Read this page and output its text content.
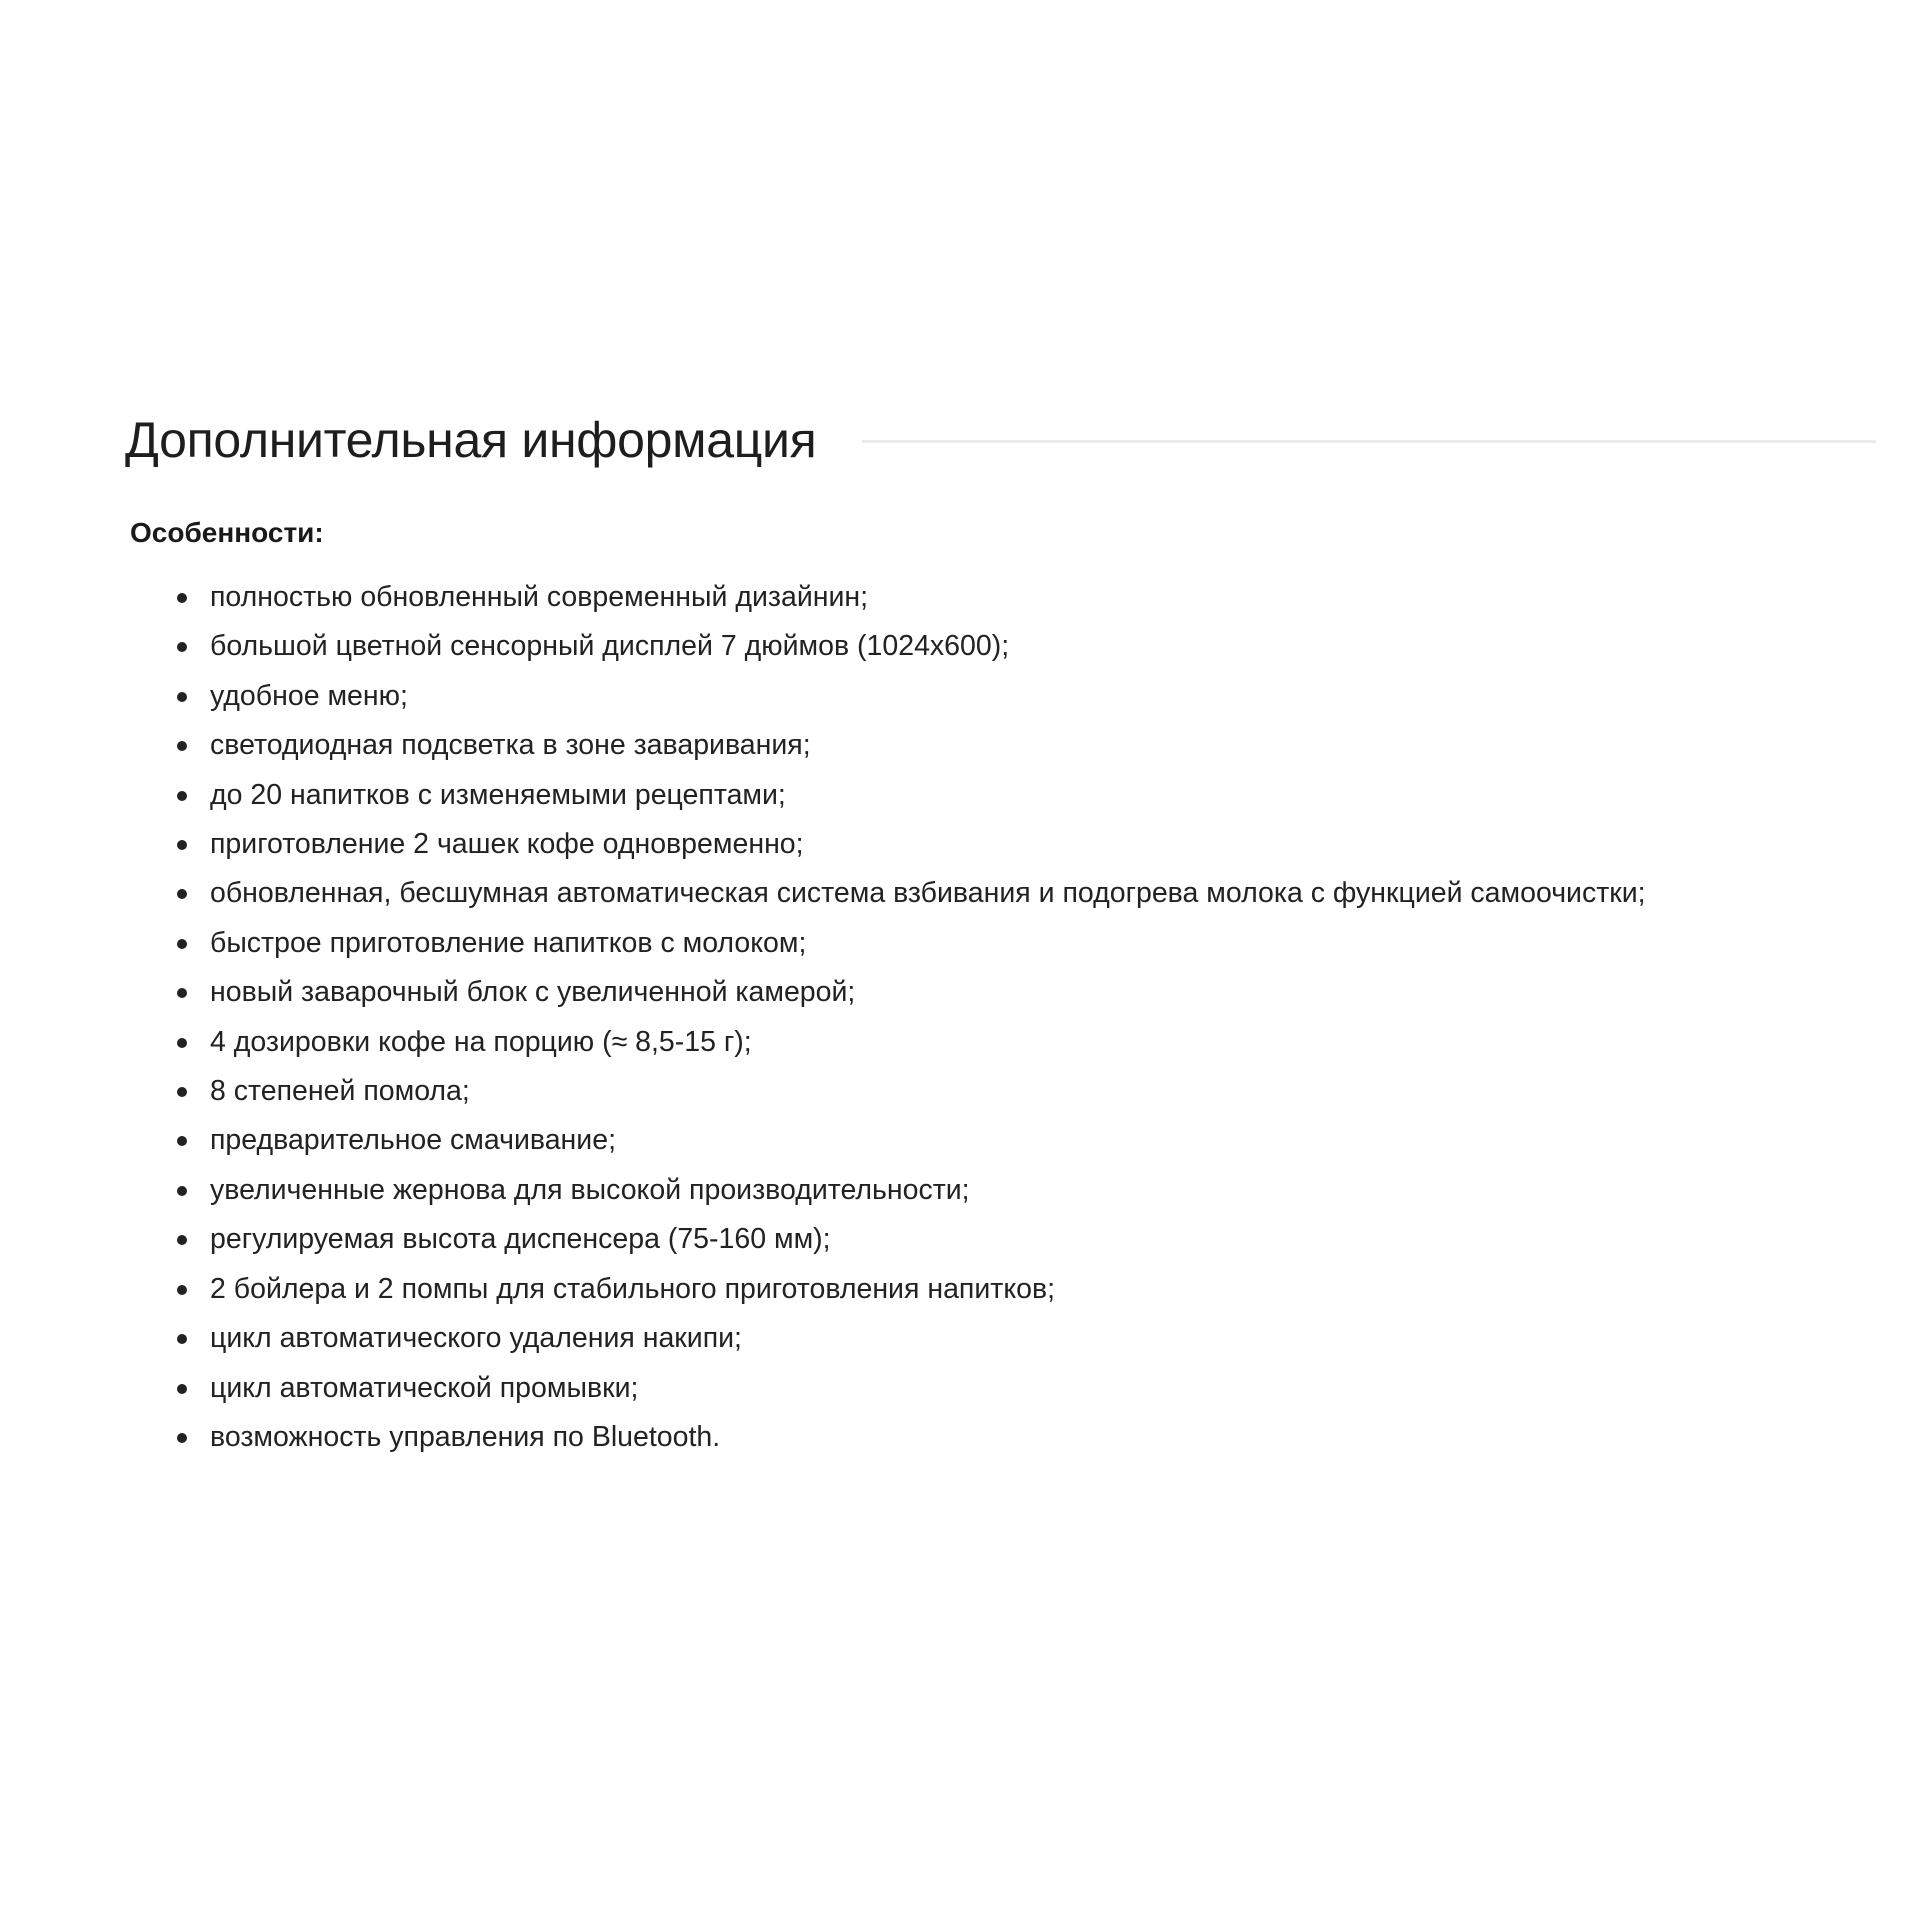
Дополнительная информация

Особенности:

полностью обновленный современный дизайнин;
большой цветной сенсорный дисплей 7 дюймов (1024x600);
удобное меню;
светодиодная подсветка в зоне заваривания;
до 20 напитков с изменяемыми рецептами;
приготовление 2 чашек кофе одновременно;
обновленная, бесшумная автоматическая система взбивания и подогрева молока с функцией самоочистки;
быстрое приготовление напитков с молоком;
новый заварочный блок с увеличенной камерой;
4 дозировки кофе на порцию (≈ 8,5-15 г);
8 степеней помола;
предварительное смачивание;
увеличенные жернова для высокой производительности;
регулируемая высота диспенсера (75-160 мм);
2 бойлера и 2 помпы для стабильного приготовления напитков;
цикл автоматического удаления накипи;
цикл автоматической промывки;
возможность управления по Bluetooth.
